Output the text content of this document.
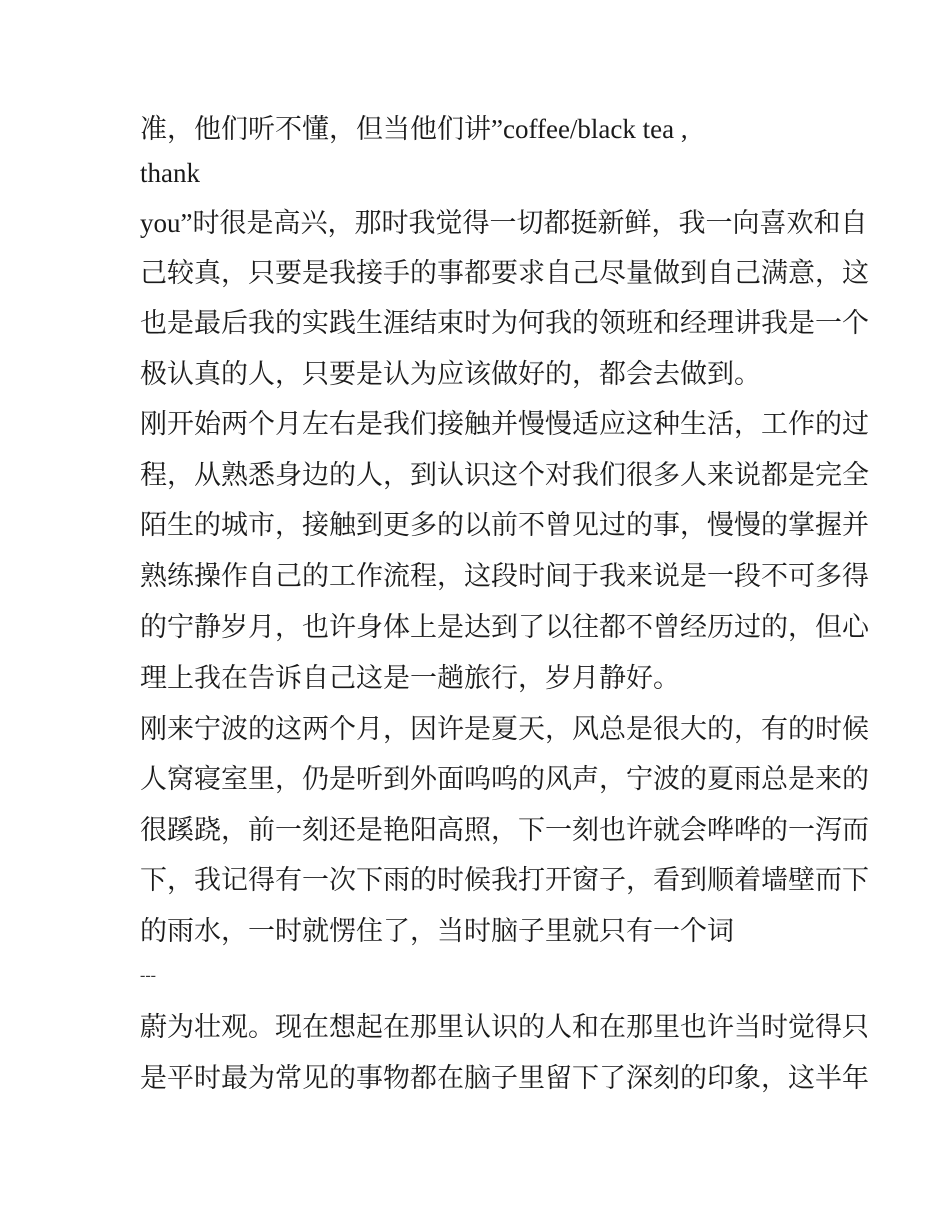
准，他们听不懂，但当他们讲”coffee/black tea ,
thank
you”时很是高兴，那时我觉得一切都挺新鲜，我一向喜欢和自
己较真，只要是我接手的事都要求自己尽量做到自己满意，这
也是最后我的实践生涯结束时为何我的领班和经理讲我是一个
极认真的人，只要是认为应该做好的，都会去做到。
刚开始两个月左右是我们接触并慢慢适应这种生活，工作的过
程，从熟悉身边的人，到认识这个对我们很多人来说都是完全
陌生的城市，接触到更多的以前不曾见过的事，慢慢的掌握并
熟练操作自己的工作流程，这段时间于我来说是一段不可多得
的宁静岁月，也许身体上是达到了以往都不曾经历过的，但心
理上我在告诉自己这是一趟旅行，岁月静好。
刚来宁波的这两个月，因许是夏天，风总是很大的，有的时候
人窝寝室里，仍是听到外面呜呜的风声，宁波的夏雨总是来的
很蹊跷，前一刻还是艳阳高照，下一刻也许就会哗哗的一泻而
下，我记得有一次下雨的时候我打开窗子，看到顺着墙壁而下
的雨水，一时就愣住了，当时脑子里就只有一个词
---
蔚为壮观。现在想起在那里认识的人和在那里也许当时觉得只
是平时最为常见的事物都在脑子里留下了深刻的印象，这半年
